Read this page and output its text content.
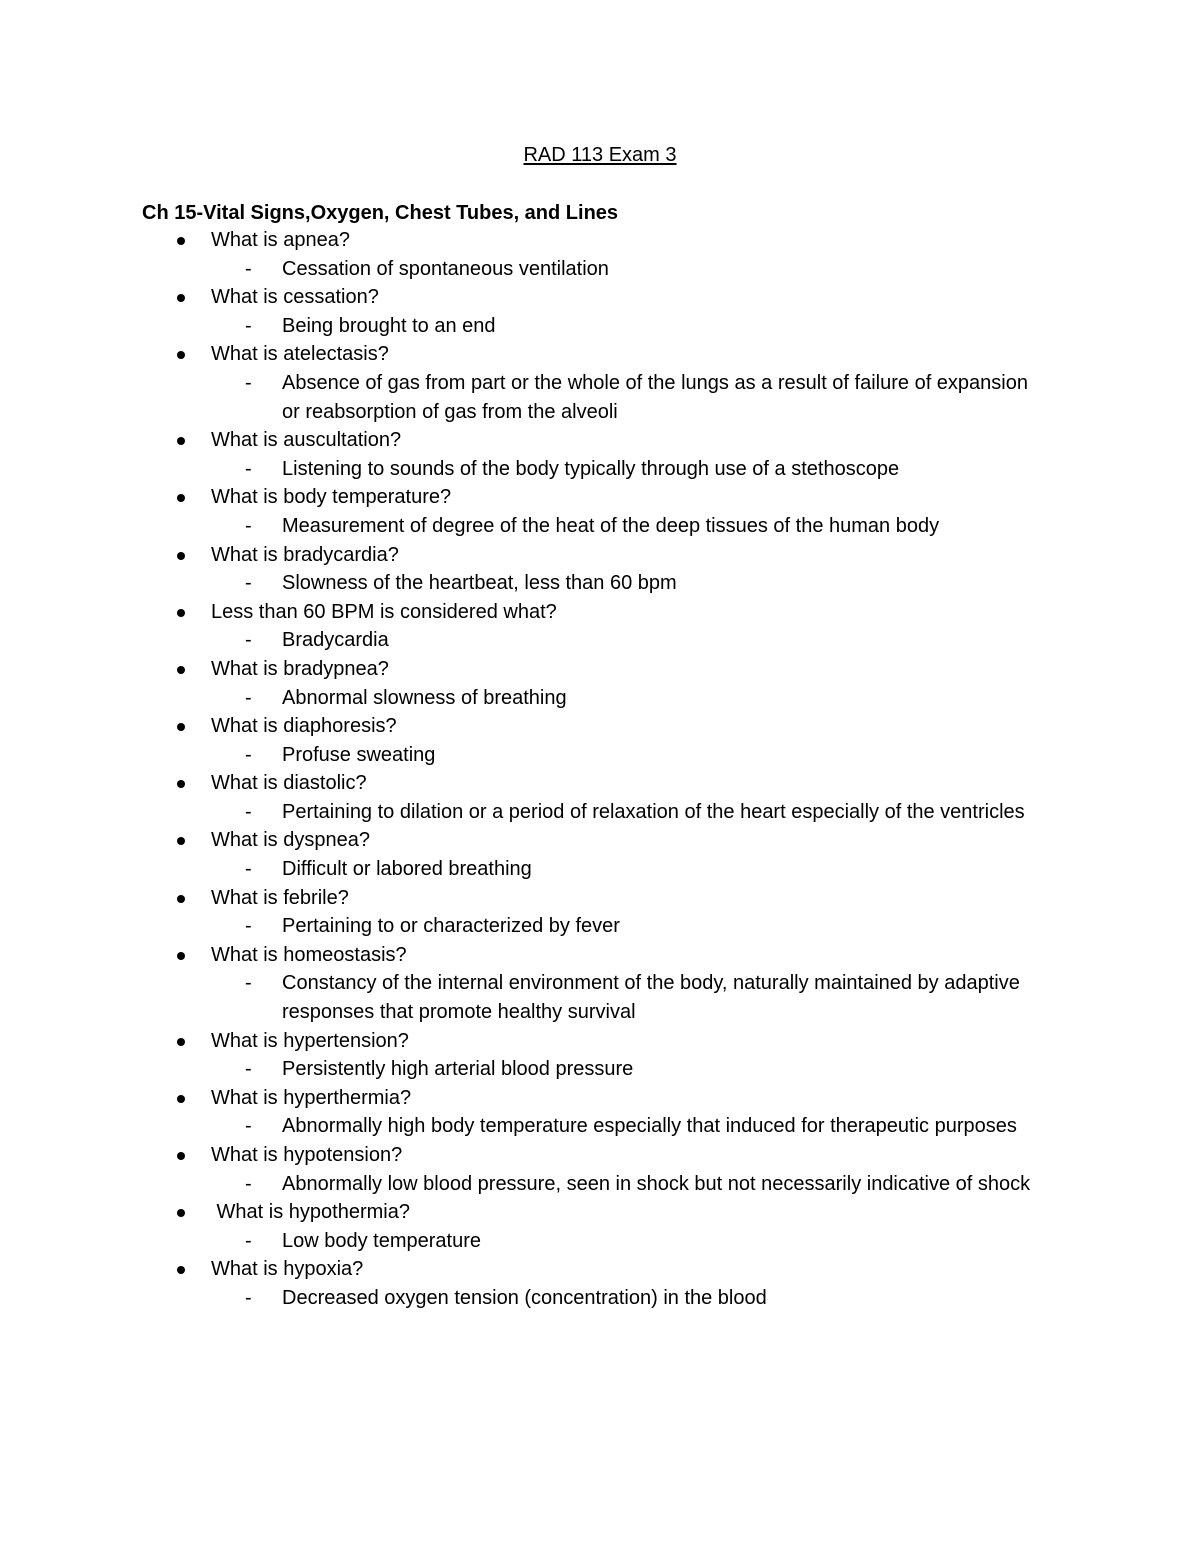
RAD 113 Exam 3
Ch 15-Vital Signs,Oxygen, Chest Tubes, and Lines
What is apnea?
- Cessation of spontaneous ventilation
What is cessation?
- Being brought to an end
What is atelectasis?
- Absence of gas from part or the whole of the lungs as a result of failure of expansion or reabsorption of gas from the alveoli
What is auscultation?
- Listening to sounds of the body typically through use of a stethoscope
What is body temperature?
- Measurement of degree of the heat of the deep tissues of the human body
What is bradycardia?
- Slowness of the heartbeat, less than 60 bpm
Less than 60 BPM is considered what?
- Bradycardia
What is bradypnea?
- Abnormal slowness of breathing
What is diaphoresis?
- Profuse sweating
What is diastolic?
- Pertaining to dilation or a period of relaxation of the heart especially of the ventricles
What is dyspnea?
- Difficult or labored breathing
What is febrile?
- Pertaining to or characterized by fever
What is homeostasis?
- Constancy of the internal environment of the body, naturally maintained by adaptive responses that promote healthy survival
What is hypertension?
- Persistently high arterial blood pressure
What is hyperthermia?
- Abnormally high body temperature especially that induced for therapeutic purposes
What is hypotension?
- Abnormally low blood pressure, seen in shock but not necessarily indicative of shock
What is hypothermia?
- Low body temperature
What is hypoxia?
- Decreased oxygen tension (concentration) in the blood
